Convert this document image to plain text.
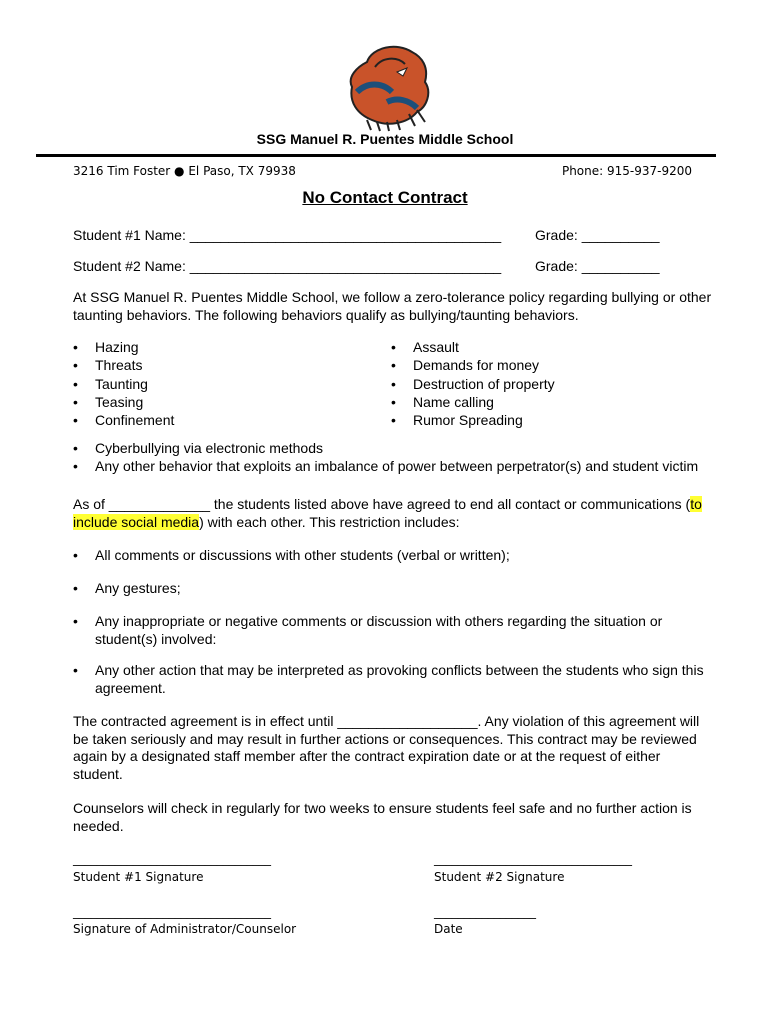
SSG Manuel R. Puentes Middle School
3216 Tim Foster ● El Paso, TX 79938	Phone: 915-937-9200
No Contact Contract
Student #1 Name: ________________________________________ Grade: __________
Student #2 Name: ________________________________________ Grade: __________
At SSG Manuel R. Puentes Middle School, we follow a zero-tolerance policy regarding bullying or other taunting behaviors. The following behaviors qualify as bullying/taunting behaviors.
• Hazing
• Threats
• Taunting
• Teasing
• Confinement
• Assault
• Demands for money
• Destruction of property
• Name calling
• Rumor Spreading
• Cyberbullying via electronic methods
• Any other behavior that exploits an imbalance of power between perpetrator(s) and student victim
As of _____________ the students listed above have agreed to end all contact or communications (to include social media) with each other. This restriction includes:
• All comments or discussions with other students (verbal or written);
• Any gestures;
• Any inappropriate or negative comments or discussion with others regarding the situation or student(s) involved:
• Any other action that may be interpreted as provoking conflicts between the students who sign this agreement.
The contracted agreement is in effect until __________________. Any violation of this agreement will be taken seriously and may result in further actions or consequences. This contract may be reviewed again by a designated staff member after the contract expiration date or at the request of either student.
Counselors will check in regularly for two weeks to ensure students feel safe and no further action is needed.
_________________________________	_________________________________
Student #1 Signature	Student #2 Signature
_________________________________	_________________
Signature of Administrator/Counselor	Date
